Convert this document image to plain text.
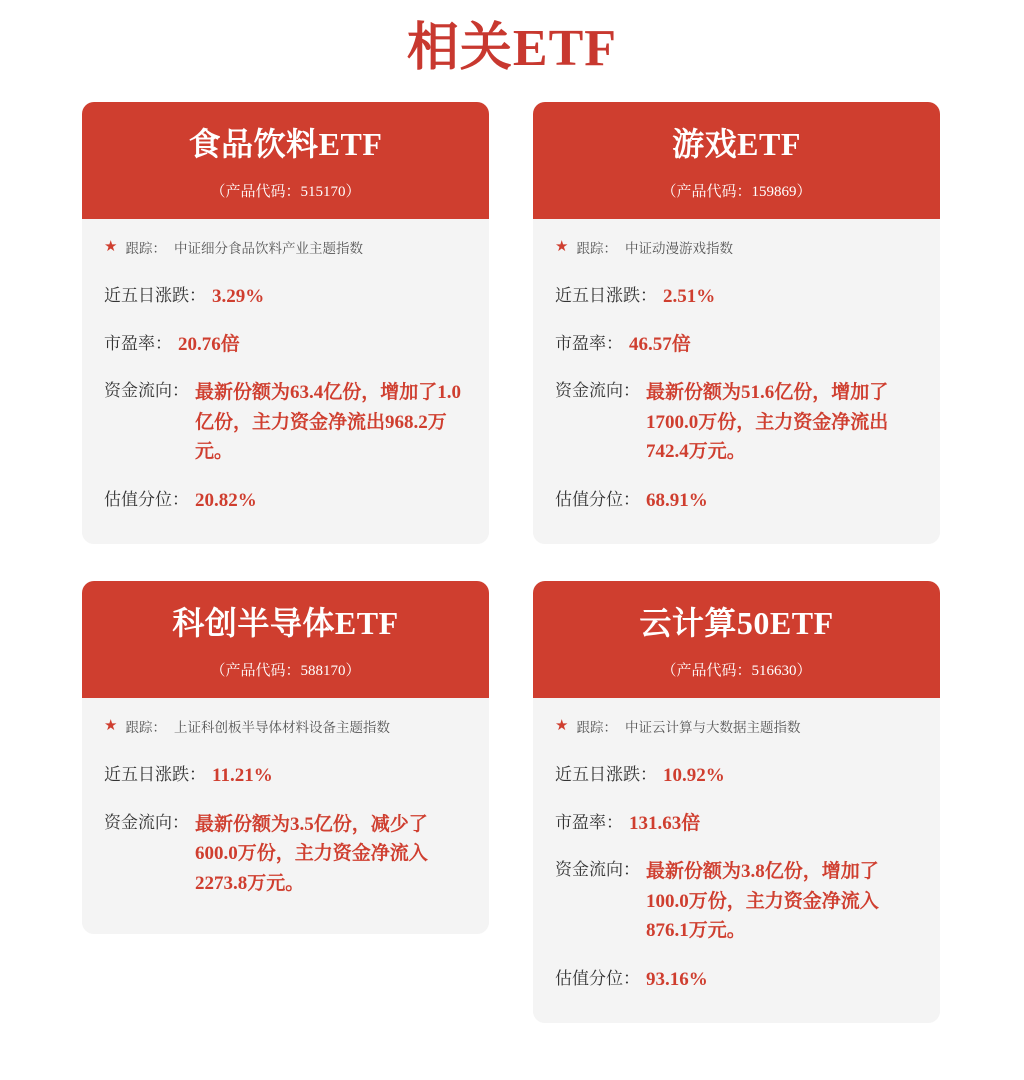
相关ETF
食品饮料ETF
（产品代码：515170）
★ 跟踪： 中证细分食品饮料产业主题指数
近五日涨跌： 3.29%
市盈率： 20.76倍
资金流向： 最新份额为63.4亿份，增加了1.0亿份，主力资金净流出968.2万元。
估值分位： 20.82%
游戏ETF
（产品代码：159869）
★ 跟踪： 中证动漫游戏指数
近五日涨跌： 2.51%
市盈率： 46.57倍
资金流向： 最新份额为51.6亿份，增加了1700.0万份，主力资金净流出742.4万元。
估值分位： 68.91%
科创半导体ETF
（产品代码：588170）
★ 跟踪： 上证科创板半导体材料设备主题指数
近五日涨跌： 11.21%
资金流向： 最新份额为3.5亿份，减少了600.0万份，主力资金净流入2273.8万元。
云计算50ETF
（产品代码：516630）
★ 跟踪： 中证云计算与大数据主题指数
近五日涨跌： 10.92%
市盈率： 131.63倍
资金流向： 最新份额为3.8亿份，增加了100.0万份，主力资金净流入876.1万元。
估值分位： 93.16%
